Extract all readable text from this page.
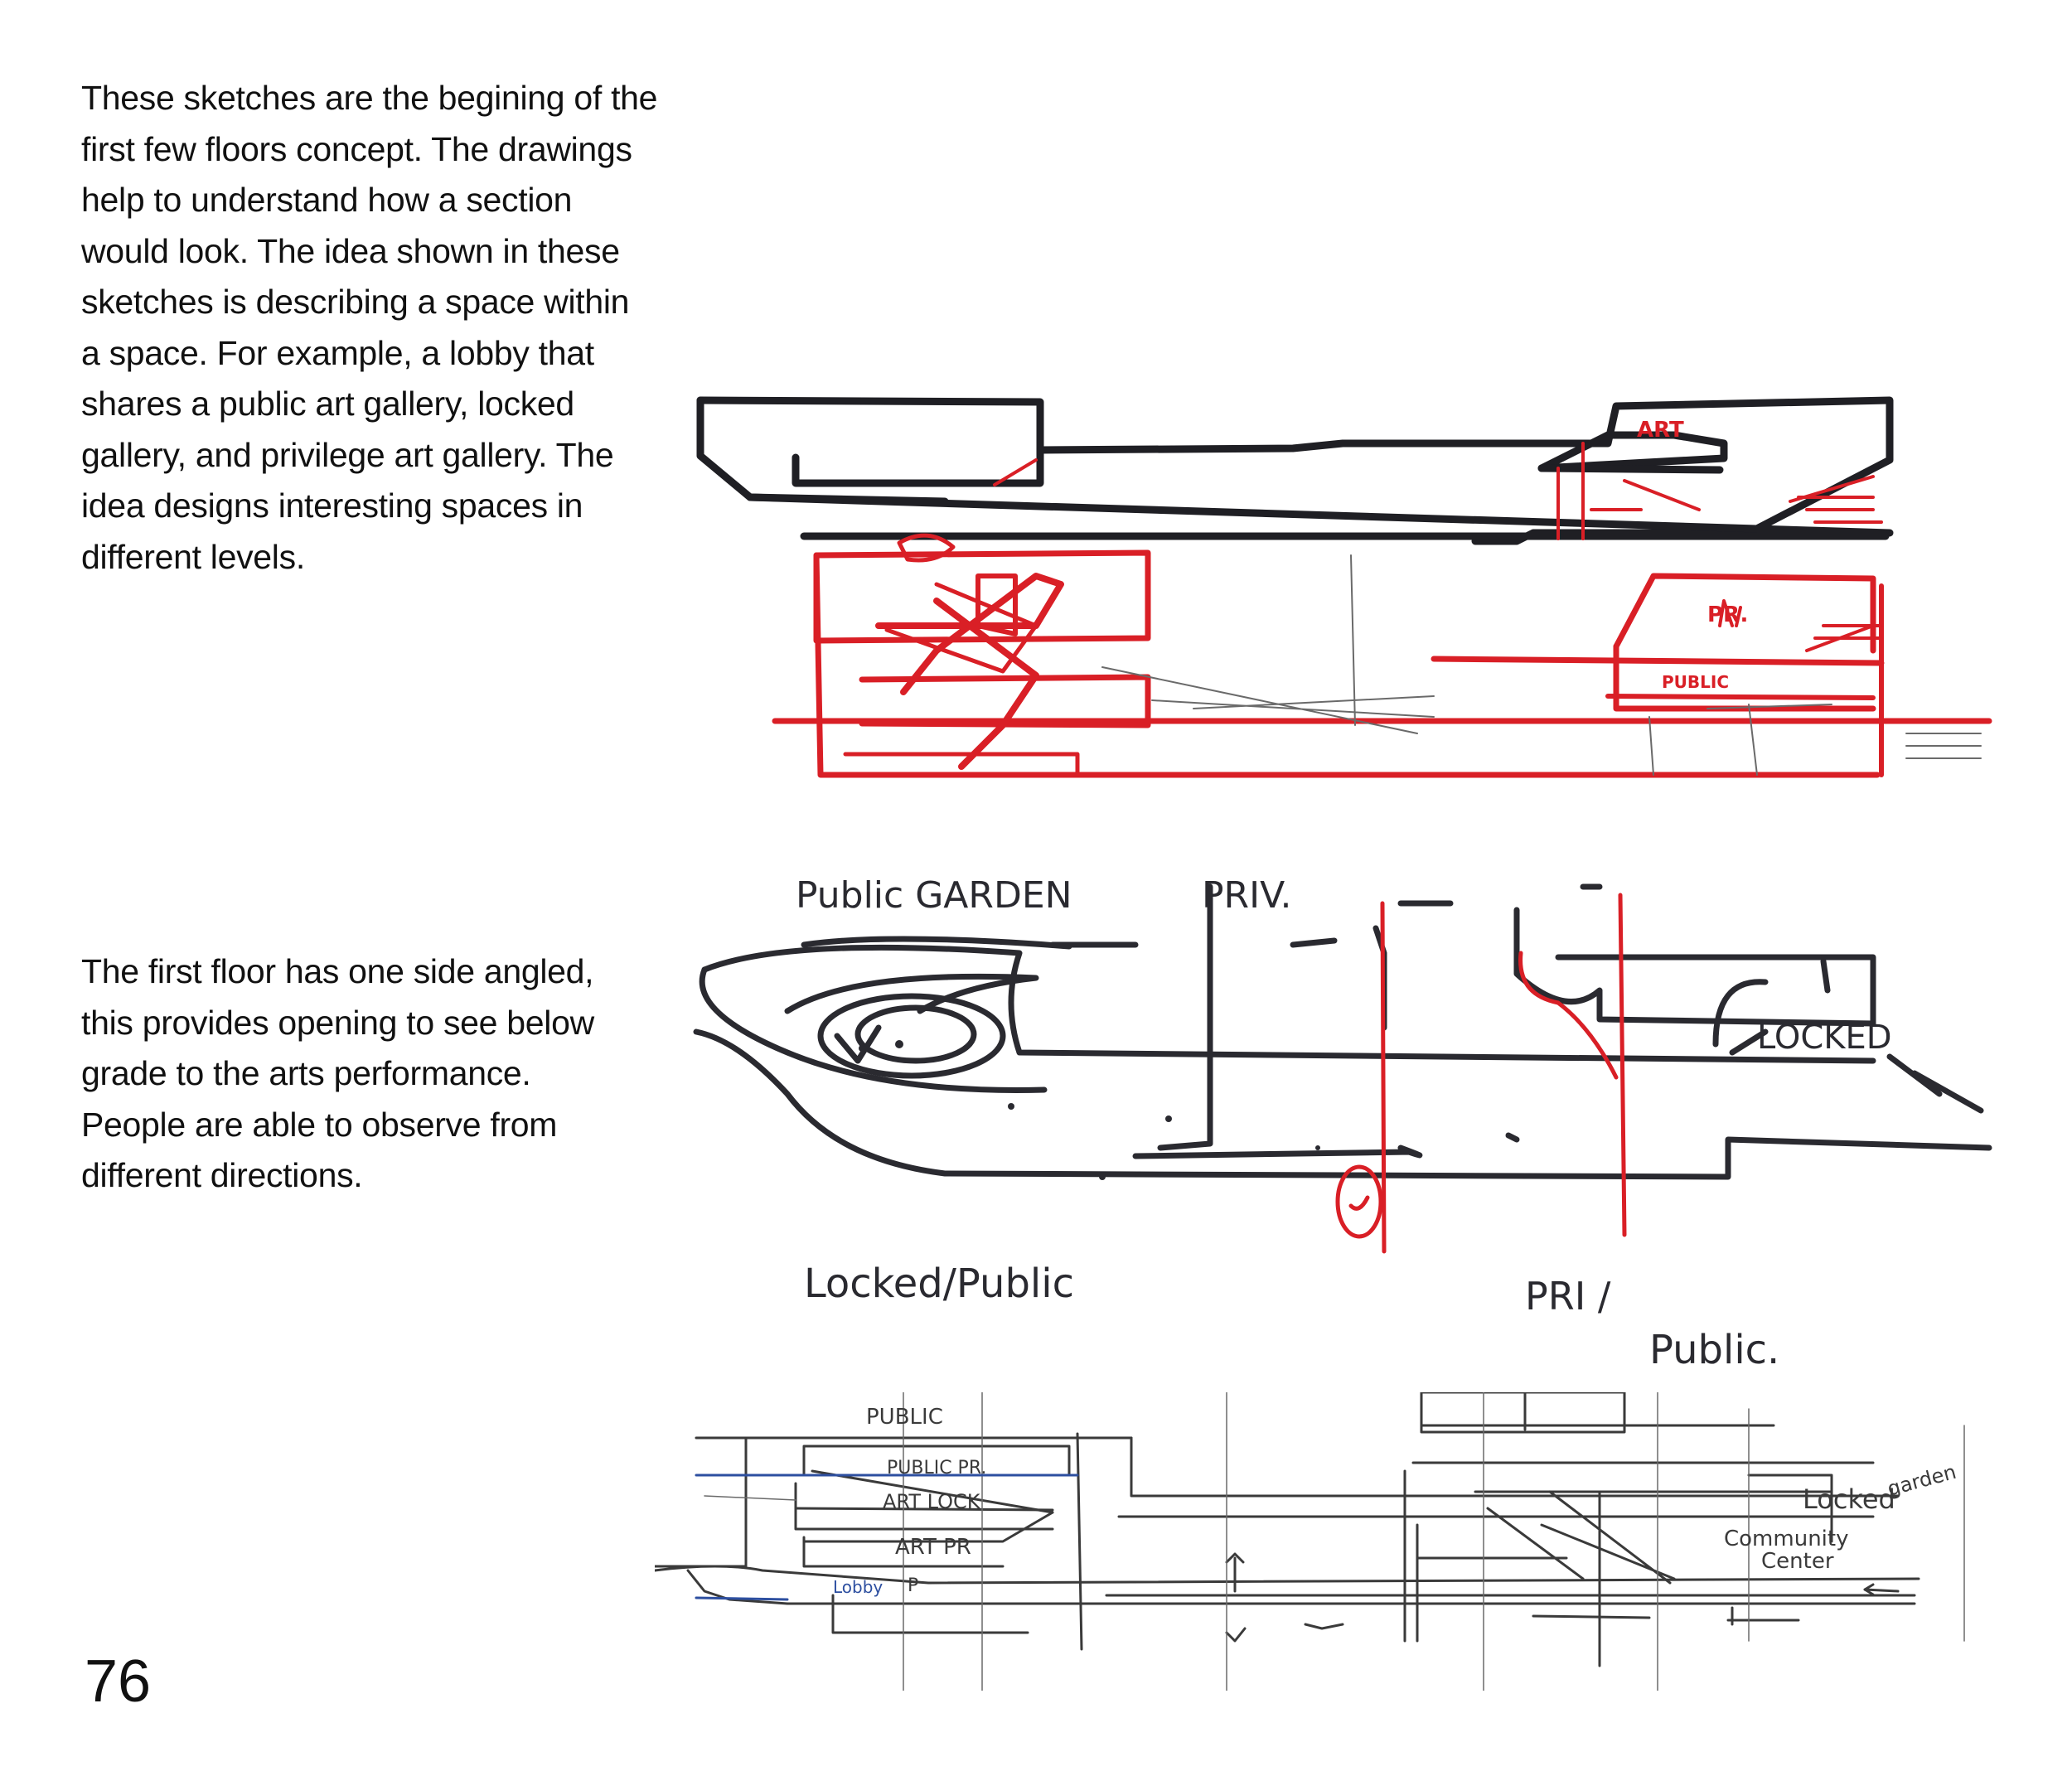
These sketches are the begining of the
first few floors concept. The drawings
help to understand how a section
would look. The idea shown in these
sketches is describing a space within
a space. For example, a lobby that
shares a public art gallery, locked
gallery, and privilege art gallery. The
idea designs interesting spaces in
different levels.

The first floor has one side angled,
this provides opening to see below
grade to the arts performance.
People are able to observe from
different directions.

76

ART
PR.
PUBLIC
Public GARDEN	PRIV.
LOCKED
Locked/Public	PRI /
Public.
PUBLIC
PUBLIC PR.
ART LOCK
ART PR
Lobby P
Locked
garden
Community
Center
